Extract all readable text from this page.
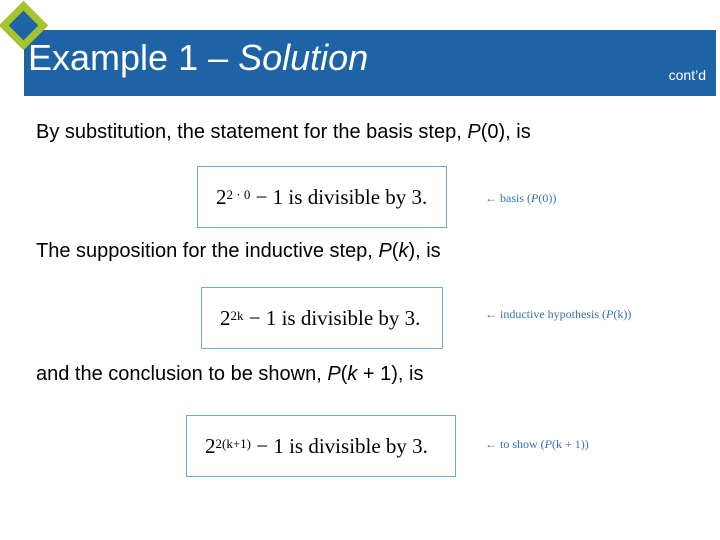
Example 1 – Solution	cont’d
By substitution, the statement for the basis step, P(0), is
$2^{2 \cdot 0}$
− 1 is divisible by 3.	← basis (P(0))
The supposition for the inductive step, P(k), is
$2^{2k}$
− 1 is divisible by 3.	← inductive hypothesis (P(k))
and the conclusion to be shown, P(k + 1), is
$2^{2(k+1)}$
− 1 is divisible by 3.	← to show (P(k + 1))
